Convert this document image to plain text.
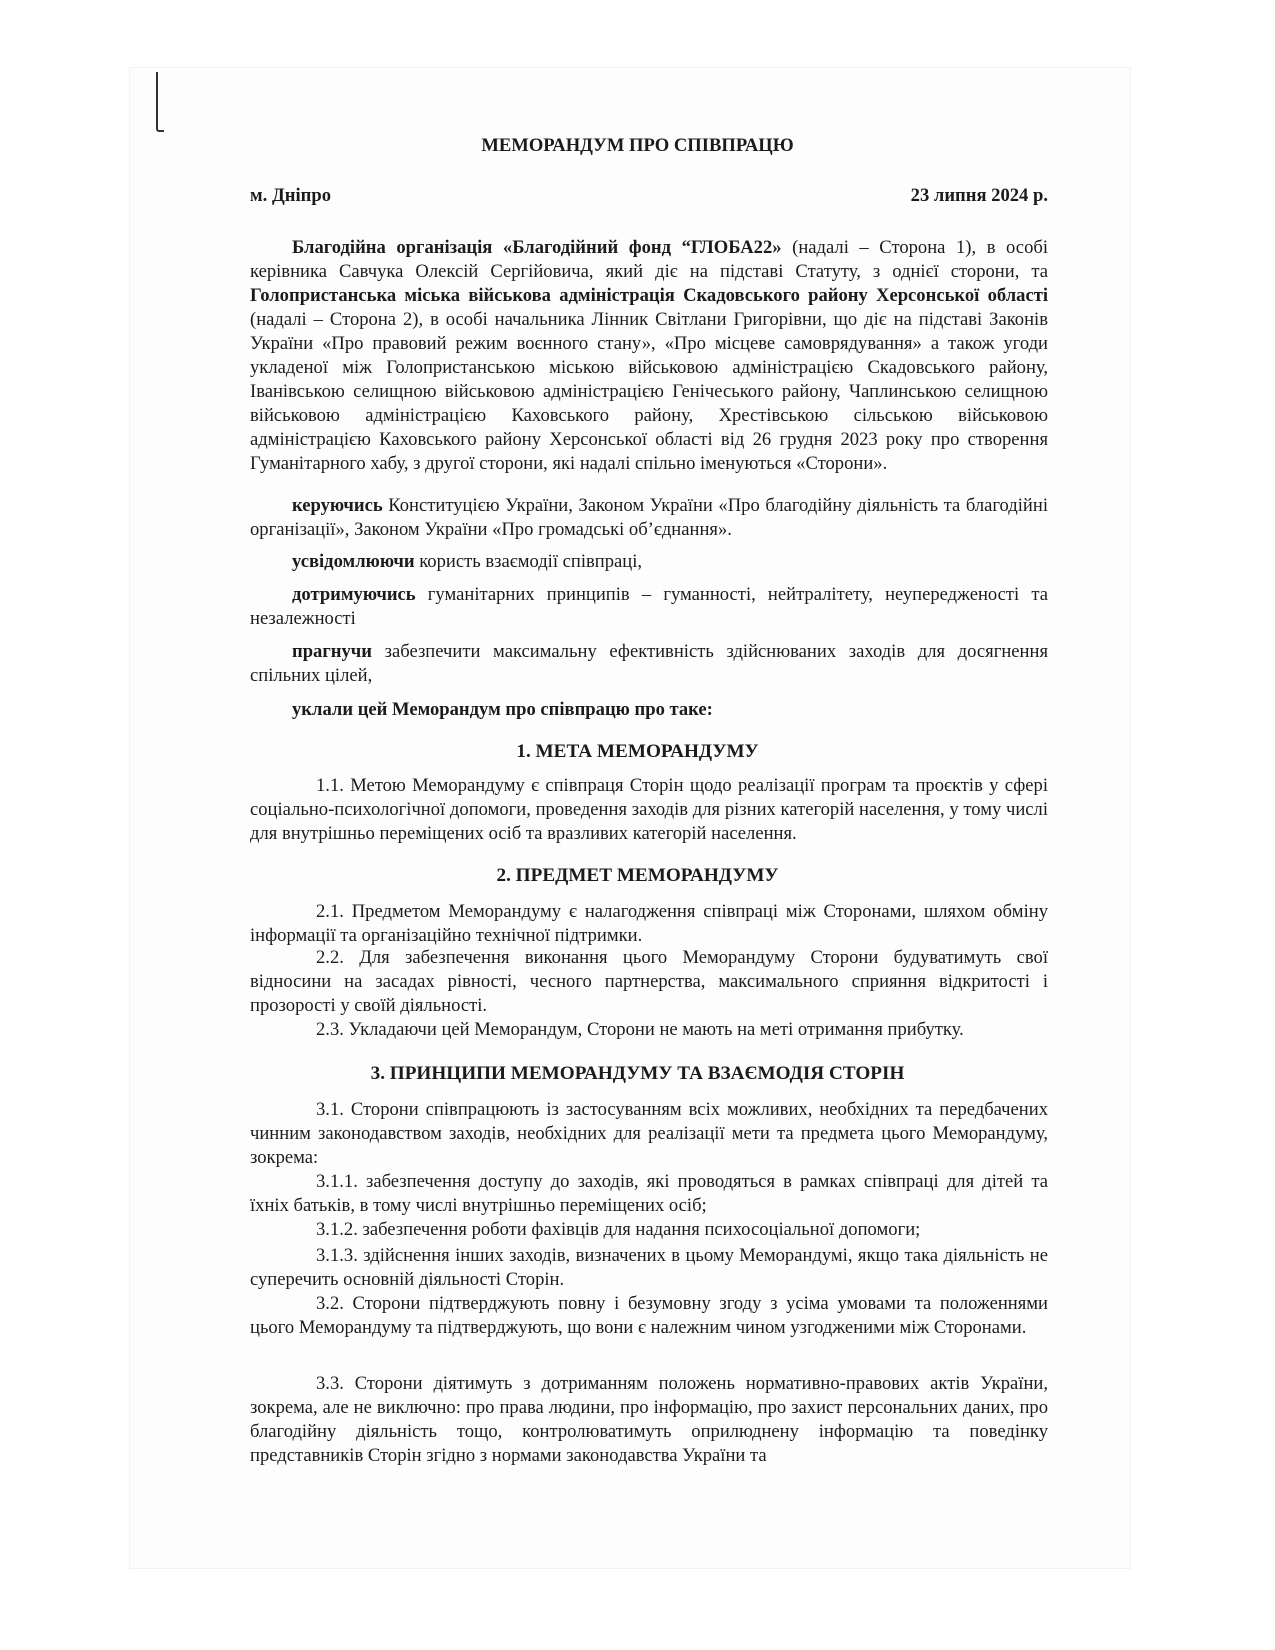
МЕМОРАНДУМ ПРО СПІВПРАЦЮ
м. Дніпро	23 липня 2024 р.

Благодійна організація «Благодійний фонд “ГЛОБА22» (надалі – Сторона 1), в особі керівника Савчука Олексій Сергійовича, який діє на підставі Статуту, з однієї сторони, та Голопристанська міська військова адміністрація Скадовського району Херсонської області (надалі – Сторона 2), в особі начальника Лінник Світлани Григорівни, що діє на підставі Законів України «Про правовий режим воєнного стану», «Про місцеве самоврядування» а також угоди укладеної між Голопристанською міською військовою адміністрацією Скадовського району, Іванівською селищною військовою адміністрацією Генічеського району, Чаплинською селищною військовою адміністрацією Каховського району, Хрестівською сільською військовою адміністрацією Каховського району Херсонської області від 26 грудня 2023 року про створення Гуманітарного хабу, з другої сторони, які надалі спільно іменуються «Сторони».

керуючись Конституцією України, Законом України «Про благодійну діяльність та благодійні організації», Законом України «Про громадські об’єднання».

усвідомлюючи користь взаємодії співпраці,

дотримуючись гуманітарних принципів – гуманності, нейтралітету, неупередженості та незалежності

прагнучи забезпечити максимальну ефективність здійснюваних заходів для досягнення спільних цілей,

уклали цей Меморандум про співпрацю про таке:

1. МЕТА МЕМОРАНДУМУ

1.1. Метою Меморандуму є співпраця Сторін щодо реалізації програм та проєктів у сфері соціально-психологічної допомоги, проведення заходів для різних категорій населення, у тому числі для внутрішньо переміщених осіб та вразливих категорій населення.

2. ПРЕДМЕТ МЕМОРАНДУМУ

2.1. Предметом Меморандуму є налагодження співпраці між Сторонами, шляхом обміну інформації та організаційно технічної підтримки.

2.2. Для забезпечення виконання цього Меморандуму Сторони будуватимуть свої відносини на засадах рівності, чесного партнерства, максимального сприяння відкритості і прозорості у своїй діяльності.

2.3. Укладаючи цей Меморандум, Сторони не мають на меті отримання прибутку.

3. ПРИНЦИПИ МЕМОРАНДУМУ ТА ВЗАЄМОДІЯ СТОРІН

3.1. Сторони співпрацюють із застосуванням всіх можливих, необхідних та передбачених чинним законодавством заходів, необхідних для реалізації мети та предмета цього Меморандуму, зокрема:

3.1.1. забезпечення доступу до заходів, які проводяться в рамках співпраці для дітей та їхніх батьків, в тому числі внутрішньо переміщених осіб;

3.1.2. забезпечення роботи фахівців для надання психосоціальної допомоги;

3.1.3. здійснення інших заходів, визначених в цьому Меморандумі, якщо така діяльність не суперечить основній діяльності Сторін.

3.2. Сторони підтверджують повну і безумовну згоду з усіма умовами та положеннями цього Меморандуму та підтверджують, що вони є належним чином узгодженими між Сторонами.

3.3. Сторони діятимуть з дотриманням положень нормативно-правових актів України, зокрема, але не виключно: про права людини, про інформацію, про захист персональних даних, про благодійну діяльність тощо, контролюватимуть оприлюднену інформацію та поведінку представників Сторін згідно з нормами законодавства України та
